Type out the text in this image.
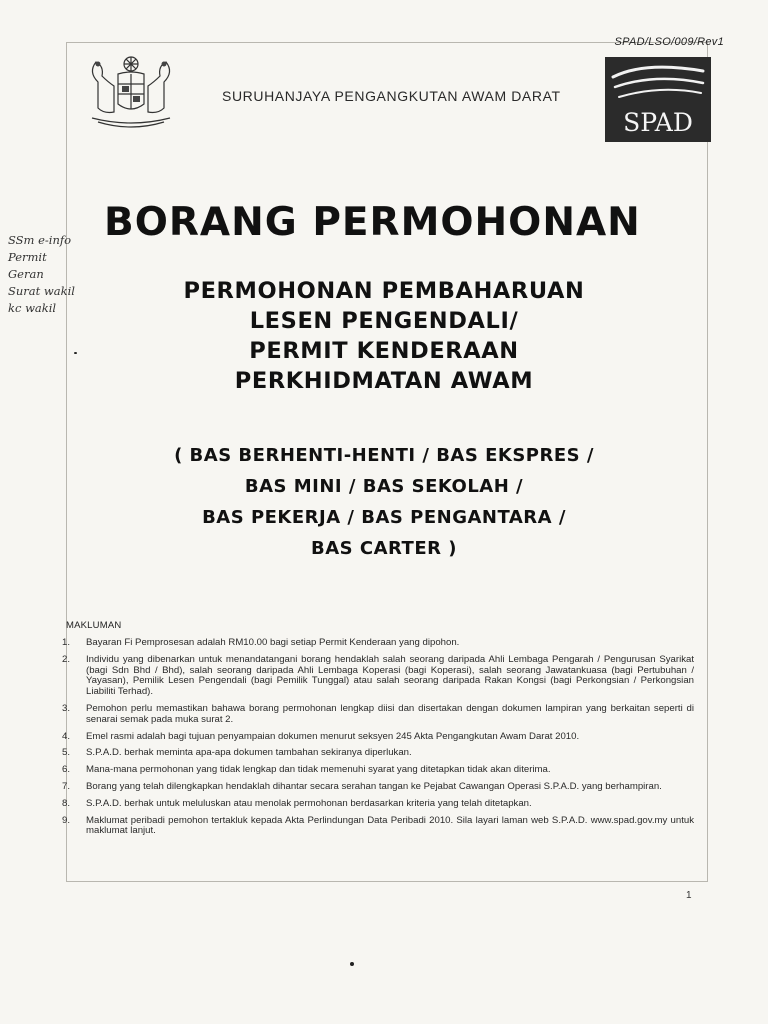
SPAD/LSO/009/Rev1
SURUHANJAYA PENGANGKUTAN AWAM DARAT
SPAD
SSm e-info
Permit
Geran
Surat wakil
kc wakil
BORANG PERMOHONAN
PERMOHONAN PEMBAHARUAN
LESEN PENGENDALI/
PERMIT KENDERAAN
PERKHIDMATAN AWAM
( BAS BERHENTI-HENTI / BAS EKSPRES /
BAS MINI / BAS SEKOLAH /
BAS PEKERJA / BAS PENGANTARA /
BAS CARTER )
MAKLUMAN
1.	Bayaran Fi Pemprosesan adalah RM10.00 bagi setiap Permit Kenderaan yang dipohon.
2.	Individu yang dibenarkan untuk menandatangani borang hendaklah salah seorang daripada Ahli Lembaga Pengarah / Pengurusan Syarikat (bagi Sdn Bhd / Bhd), salah seorang daripada Ahli Lembaga Koperasi (bagi Koperasi), salah seorang Jawatankuasa (bagi Pertubuhan / Yayasan), Pemilik Lesen Pengendali (bagi Pemilik Tunggal) atau salah seorang daripada Rakan Kongsi (bagi Perkongsian / Perkongsian Liabiliti Terhad).
3.	Pemohon perlu memastikan bahawa borang permohonan lengkap diisi dan disertakan dengan dokumen lampiran yang berkaitan seperti di senarai semak pada muka surat 2.
4.	Emel rasmi adalah bagi tujuan penyampaian dokumen menurut seksyen 245 Akta Pengangkutan Awam Darat 2010.
5.	S.P.A.D. berhak meminta apa-apa dokumen tambahan sekiranya diperlukan.
6.	Mana-mana permohonan yang tidak lengkap dan tidak memenuhi syarat yang ditetapkan tidak akan diterima.
7.	Borang yang telah dilengkapkan hendaklah dihantar secara serahan tangan ke Pejabat Cawangan Operasi S.P.A.D. yang berhampiran.
8.	S.P.A.D. berhak untuk meluluskan atau menolak permohonan berdasarkan kriteria yang telah ditetapkan.
9.	Maklumat peribadi pemohon tertakluk kepada Akta Perlindungan Data Peribadi 2010. Sila layari laman web S.P.A.D. www.spad.gov.my untuk maklumat lanjut.
1
